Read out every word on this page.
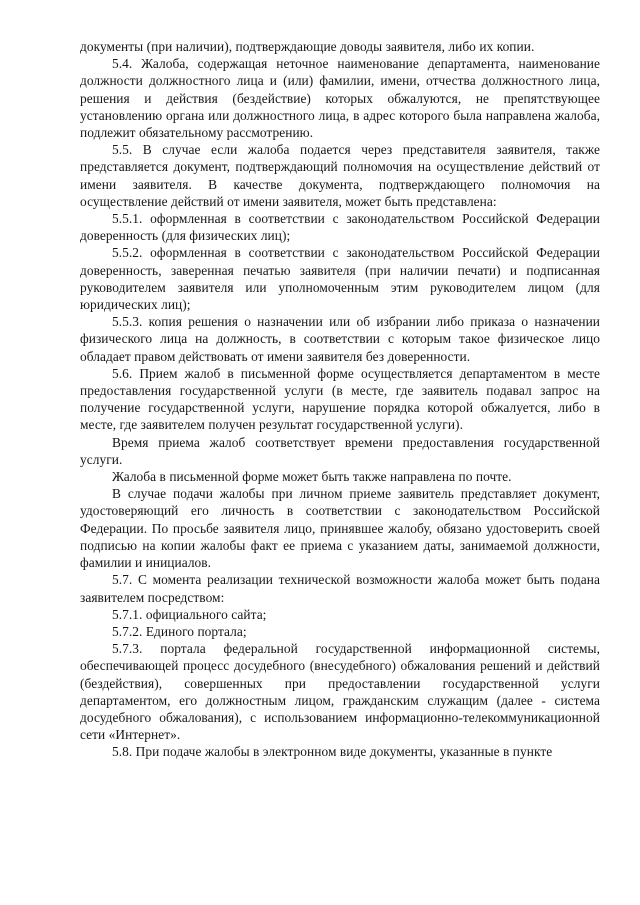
документы (при наличии), подтверждающие доводы заявителя, либо их копии.

5.4. Жалоба, содержащая неточное наименование департамента, наименование должности должностного лица и (или) фамилии, имени, отчества должностного лица, решения и действия (бездействие) которых обжалуются, не препятствующее установлению органа или должностного лица, в адрес которого была направлена жалоба, подлежит обязательному рассмотрению.

5.5. В случае если жалоба подается через представителя заявителя, также представляется документ, подтверждающий полномочия на осуществление действий от имени заявителя. В качестве документа, подтверждающего полномочия на осуществление действий от имени заявителя, может быть представлена:

5.5.1. оформленная в соответствии с законодательством Российской Федерации доверенность (для физических лиц);

5.5.2. оформленная в соответствии с законодательством Российской Федерации доверенность, заверенная печатью заявителя (при наличии печати) и подписанная руководителем заявителя или уполномоченным этим руководителем лицом (для юридических лиц);

5.5.3. копия решения о назначении или об избрании либо приказа о назначении физического лица на должность, в соответствии с которым такое физическое лицо обладает правом действовать от имени заявителя без доверенности.

5.6. Прием жалоб в письменной форме осуществляется департаментом в месте предоставления государственной услуги (в месте, где заявитель подавал запрос на получение государственной услуги, нарушение порядка которой обжалуется, либо в месте, где заявителем получен результат государственной услуги).

Время приема жалоб соответствует времени предоставления государственной услуги.

Жалоба в письменной форме может быть также направлена по почте.

В случае подачи жалобы при личном приеме заявитель представляет документ, удостоверяющий его личность в соответствии с законодательством Российской Федерации. По просьбе заявителя лицо, принявшее жалобу, обязано удостоверить своей подписью на копии жалобы факт ее приема с указанием даты, занимаемой должности, фамилии и инициалов.

5.7. С момента реализации технической возможности жалоба может быть подана заявителем посредством:

5.7.1. официального сайта;

5.7.2. Единого портала;

5.7.3. портала федеральной государственной информационной системы, обеспечивающей процесс досудебного (внесудебного) обжалования решений и действий (бездействия), совершенных при предоставлении государственной услуги департаментом, его должностным лицом, гражданским служащим (далее - система досудебного обжалования), с использованием информационно-телекоммуникационной сети «Интернет».

5.8. При подаче жалобы в электронном виде документы, указанные в пункте
